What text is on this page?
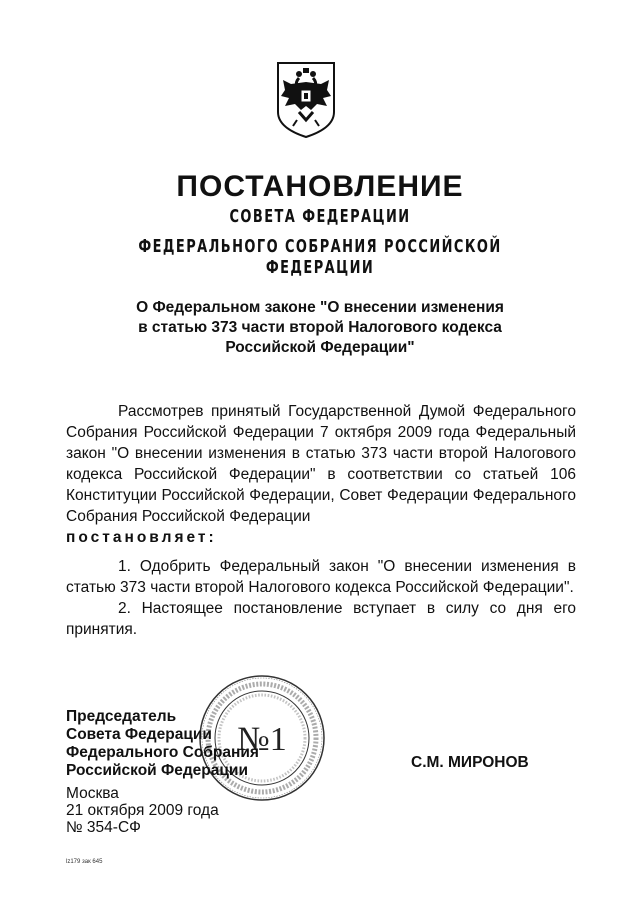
ПОСТАНОВЛЕНИЕ
СОВЕТА ФЕДЕРАЦИИ
ФЕДЕРАЛЬНОГО СОБРАНИЯ РОССИЙСКОЙ ФЕДЕРАЦИИ
О Федеральном законе "О внесении изменения
в статью 373 части второй Налогового кодекса
Российской Федерации"

Рассмотрев принятый Государственной Думой Федерального Собрания Российской Федерации 7 октября 2009 года Федеральный закон "О внесении изменения в статью 373 части второй Налогового кодекса Российской Федерации" в соответствии со статьей 106 Конституции Российской Федерации, Совет Федерации Федерального Собрания Российской Федерации

постановляет:

1. Одобрить Федеральный закон "О внесении изменения в статью 373 части второй Налогового кодекса Российской Федерации".

2. Настоящее постановление вступает в силу со дня его принятия.

№1
Председатель
Совета Федерации
Федерального Собрания
Российской Федерации	С.М. МИРОНОВ
Москва
21 октября 2009 года
№ 354-СФ
lz179 зак 645
